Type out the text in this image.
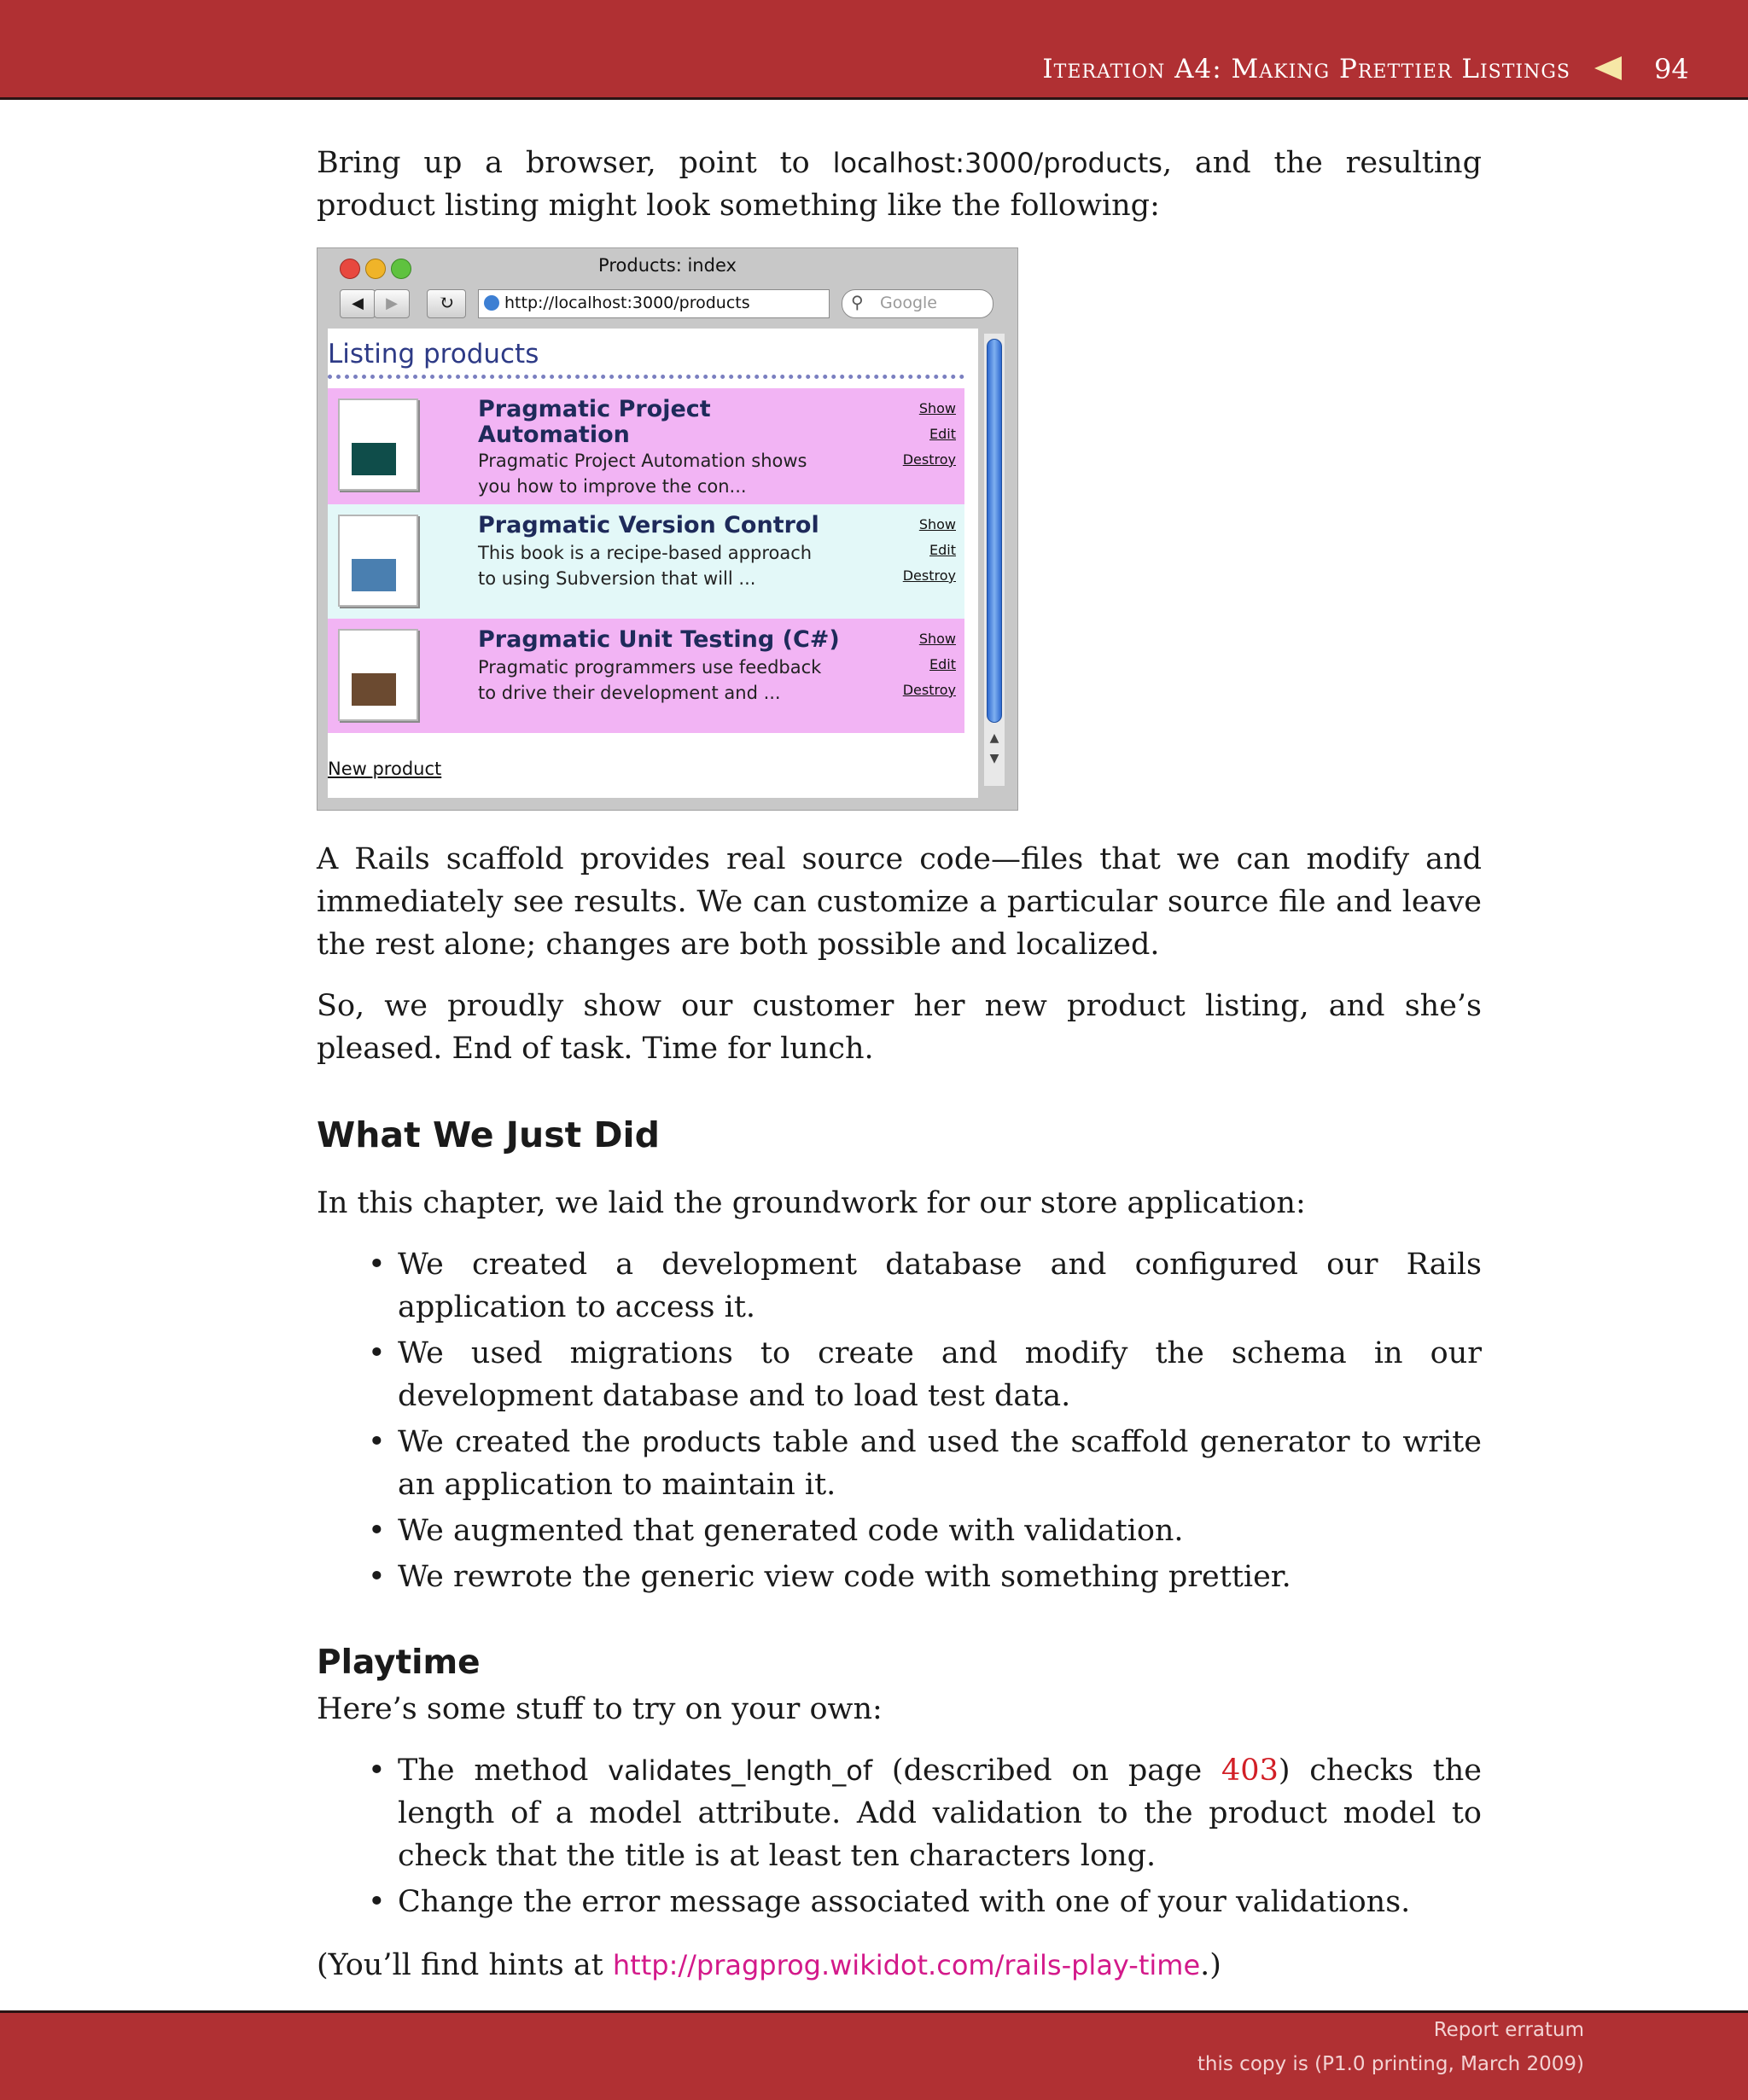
Iteration A4: Making Prettier Listings	94
Bring up a browser, point to localhost:3000/products, and the resulting product listing might look something like the following:
Products: index
◀	▶	↻	http://localhost:3000/products	⚲ Google
Listing products
Pragmatic Project
Automation
Pragmatic Project Automation shows
you how to improve the con...
Show
Edit
Destroy
Pragmatic Version Control
This book is a recipe-based approach
to using Subversion that will ...
Show
Edit
Destroy
Pragmatic Unit Testing (C#)
Pragmatic programmers use feedback
to drive their development and ...
Show
Edit
Destroy
New product
▲
▼
A Rails scaffold provides real source code—files that we can modify and immediately see results. We can customize a particular source file and leave the rest alone; changes are both possible and localized.
So, we proudly show our customer her new product listing, and she’s pleased. End of task. Time for lunch.
What We Just Did
In this chapter, we laid the groundwork for our store application:
• We created a development database and configured our Rails application to access it.
• We used migrations to create and modify the schema in our development database and to load test data.
• We created the products table and used the scaffold generator to write an application to maintain it.
• We augmented that generated code with validation.
• We rewrote the generic view code with something prettier.
Playtime
Here’s some stuff to try on your own:
• The method validates_length_of (described on page 403) checks the length of a model attribute. Add validation to the product model to check that the title is at least ten characters long.
• Change the error message associated with one of your validations.
(You’ll find hints at http://pragprog.wikidot.com/rails-play-time.)
Report erratum
this copy is (P1.0 printing, March 2009)
